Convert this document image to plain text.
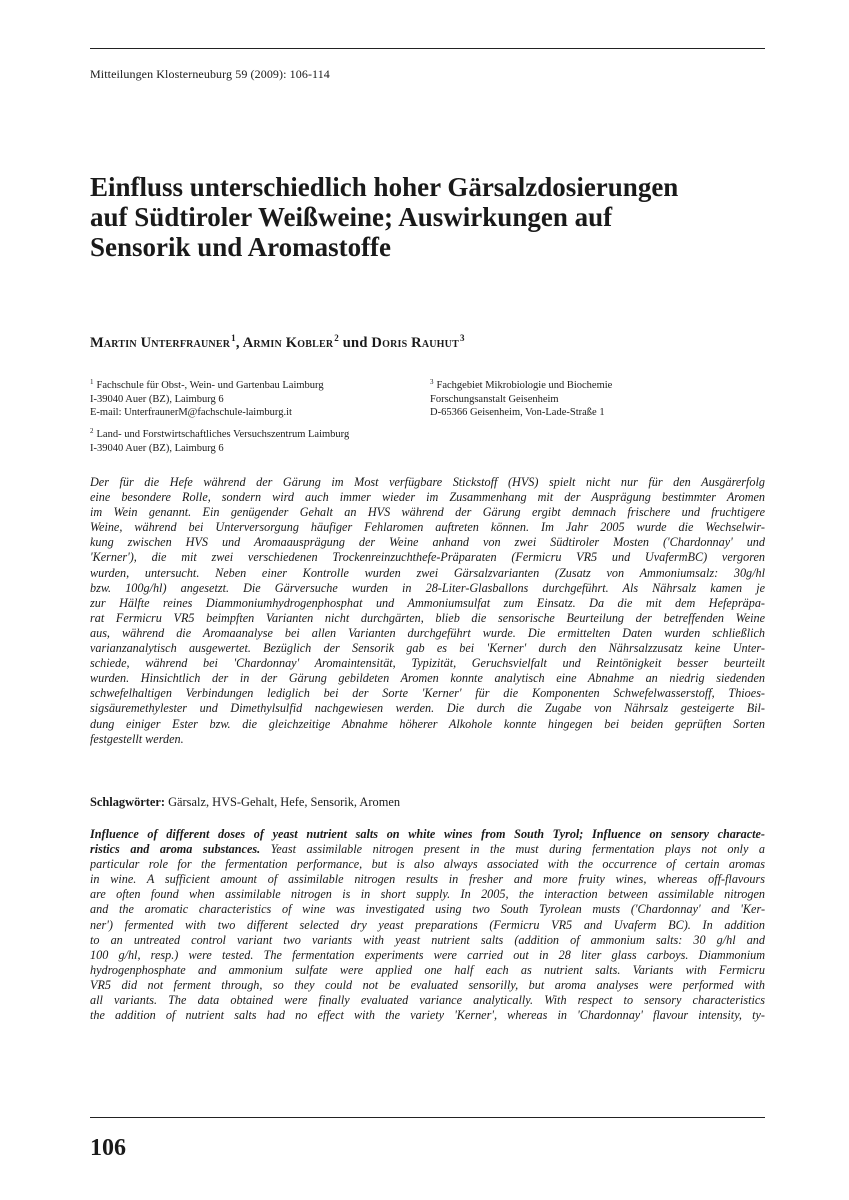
Mitteilungen Klosterneuburg 59 (2009): 106-114
Einfluss unterschiedlich hoher Gärsalzdosierungen
auf Südtiroler Weißweine; Auswirkungen auf
Sensorik und Aromastoffe
Martin Unterfrauner$^1$, Armin Kobler$^2$ und Doris Rauhut$^3$
$^1$ Fachschule für Obst-, Wein- und Gartenbau Laimburg
I-39040 Auer (BZ), Laimburg 6
E-mail: UnterfraunerM@fachschule-laimburg.it
$^2$ Land- und Forstwirtschaftliches Versuchszentrum Laimburg
I-39040 Auer (BZ), Laimburg 6
$^3$ Fachgebiet Mikrobiologie und Biochemie
Forschungsanstalt Geisenheim
D-65366 Geisenheim, Von-Lade-Straße 1
Der für die Hefe während der Gärung im Most verfügbare Stickstoff (HVS) spielt nicht nur für den Ausgärerfolg
eine besondere Rolle, sondern wird auch immer wieder im Zusammenhang mit der Ausprägung bestimmter Aromen
im Wein genannt. Ein genügender Gehalt an HVS während der Gärung ergibt demnach frischere und fruchtigere
Weine, während bei Unterversorgung häufiger Fehlaromen auftreten können. Im Jahr 2005 wurde die Wechselwir-
kung zwischen HVS und Aromaausprägung der Weine anhand von zwei Südtiroler Mosten ('Chardonnay' und
'Kerner'), die mit zwei verschiedenen Trockenreinzuchthefe-Präparaten (Fermicru VR5 und UvafermBC) vergoren
wurden, untersucht. Neben einer Kontrolle wurden zwei Gärsalzvarianten (Zusatz von Ammoniumsalz: 30g/hl
bzw. 100g/hl) angesetzt. Die Gärversuche wurden in 28-Liter-Glasballons durchgeführt. Als Nährsalz kamen je
zur Hälfte reines Diammoniumhydrogenphosphat und Ammoniumsulfat zum Einsatz. Da die mit dem Hefepräpa-
rat Fermicru VR5 beimpften Varianten nicht durchgärten, blieb die sensorische Beurteilung der betreffenden Weine
aus, während die Aromaanalyse bei allen Varianten durchgeführt wurde. Die ermittelten Daten wurden schließlich
varianzanalytisch ausgewertet. Bezüglich der Sensorik gab es bei 'Kerner' durch den Nährsalzzusatz keine Unter-
schiede, während bei 'Chardonnay' Aromaintensität, Typizität, Geruchsvielfalt und Reintönigkeit besser beurteilt
wurden. Hinsichtlich der in der Gärung gebildeten Aromen konnte analytisch eine Abnahme an niedrig siedenden
schwefelhaltigen Verbindungen lediglich bei der Sorte 'Kerner' für die Komponenten Schwefelwasserstoff, Thioes-
sigsäuremethylester und Dimethylsulfid nachgewiesen werden. Die durch die Zugabe von Nährsalz gesteigerte Bil-
dung einiger Ester bzw. die gleichzeitige Abnahme höherer Alkohole konnte hingegen bei beiden geprüften Sorten
festgestellt werden.
Schlagwörter: Gärsalz, HVS-Gehalt, Hefe, Sensorik, Aromen
Influence of different doses of yeast nutrient salts on white wines from South Tyrol; Influence on sensory characte-
ristics and aroma substances. Yeast assimilable nitrogen present in the must during fermentation plays not only a
particular role for the fermentation performance, but is also always associated with the occurrence of certain aromas
in wine. A sufficient amount of assimilable nitrogen results in fresher and more fruity wines, whereas off-flavours
are often found when assimilable nitrogen is in short supply. In 2005, the interaction between assimilable nitrogen
and the aromatic characteristics of wine was investigated using two South Tyrolean musts ('Chardonnay' and 'Ker-
ner') fermented with two different selected dry yeast preparations (Fermicru VR5 and Uvaferm BC). In addition
to an untreated control variant two variants with yeast nutrient salts (addition of ammonium salts: 30 g/hl and
100 g/hl, resp.) were tested. The fermentation experiments were carried out in 28 liter glass carboys. Diammonium
hydrogenphosphate and ammonium sulfate were applied one half each as nutrient salts. Variants with Fermicru
VR5 did not ferment through, so they could not be evaluated sensorilly, but aroma analyses were performed with
all variants. The data obtained were finally evaluated variance analytically. With respect to sensory characteristics
the addition of nutrient salts had no effect with the variety 'Kerner', whereas in 'Chardonnay' flavour intensity, ty-
106
